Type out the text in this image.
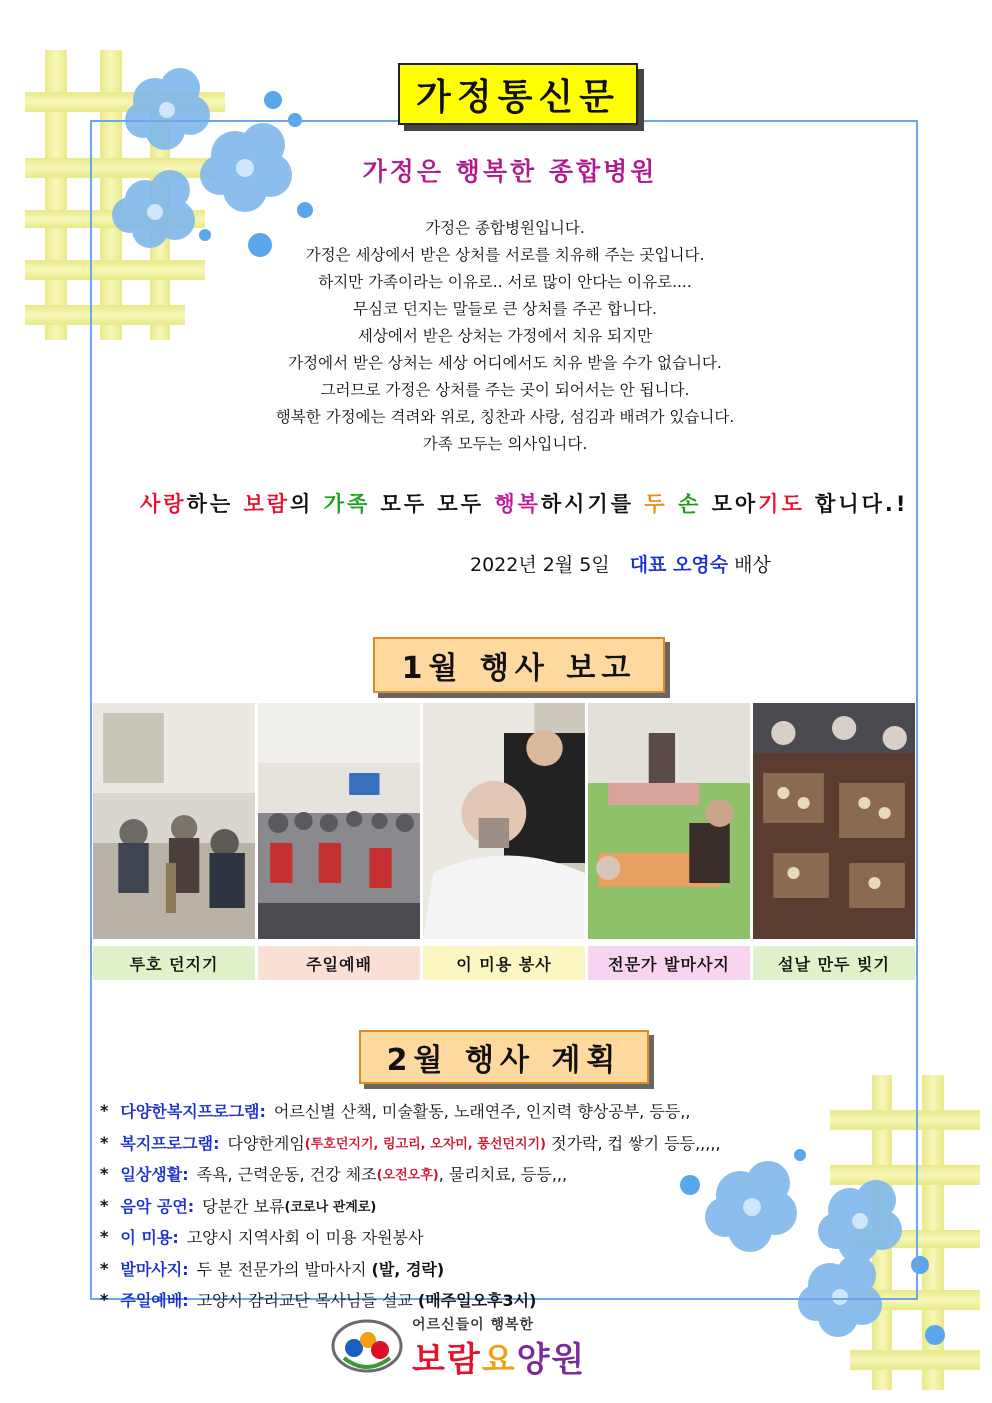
가정통신문
가정은 행복한 종합병원
가정은 종합병원입니다.
가정은 세상에서 받은 상처를 서로를 치유해 주는 곳입니다.
하지만 가족이라는 이유로.. 서로 많이 안다는 이유로....
무심코 던지는 말들로 큰 상처를 주곤 합니다.
세상에서 받은 상처는 가정에서 치유 되지만
가정에서 받은 상처는 세상 어디에서도 치유 받을 수가 없습니다.
그러므로 가정은 상처를 주는 곳이 되어서는 안 됩니다.
행복한 가정에는 격려와 위로, 칭찬과 사랑, 섬김과 배려가 있습니다.
가족 모두는 의사입니다.
사랑하는 보람의 가족 모두 모두 행복하시기를 두 손 모아기도 합니다.!
2022년 2월 5일 대표 오영숙 배상
1월 행사 보고
투호 던지기	주일예배	이 미용 봉사	전문가 발마사지	설날 만두 빚기
2월 행사 계획
* 다양한복지프로그램: 어르신별 산책, 미술활동, 노래연주, 인지력 향상공부, 등등,,
* 복지프로그램: 다양한게임 (투호던지기, 링고리, 오자미, 풍선던지기)
젓가락, 컵 쌓기 등등,,,,,
* 일상생활: 족욕, 근력운동, 건강 체조 (오전오후) , 물리치료, 등등,,,
* 음악 공연: 당분간 보류 (코로나 관계로)
* 이 미용: 고양시 지역사회 이 미용 자원봉사
* 발마사지: 두 분 전문가의 발마사지
(발, 경락)
* 주일예배: 고양시 감리교단 목사님들 설교
(매주일오후3시)
어르신들이 행복한
보람요양원
